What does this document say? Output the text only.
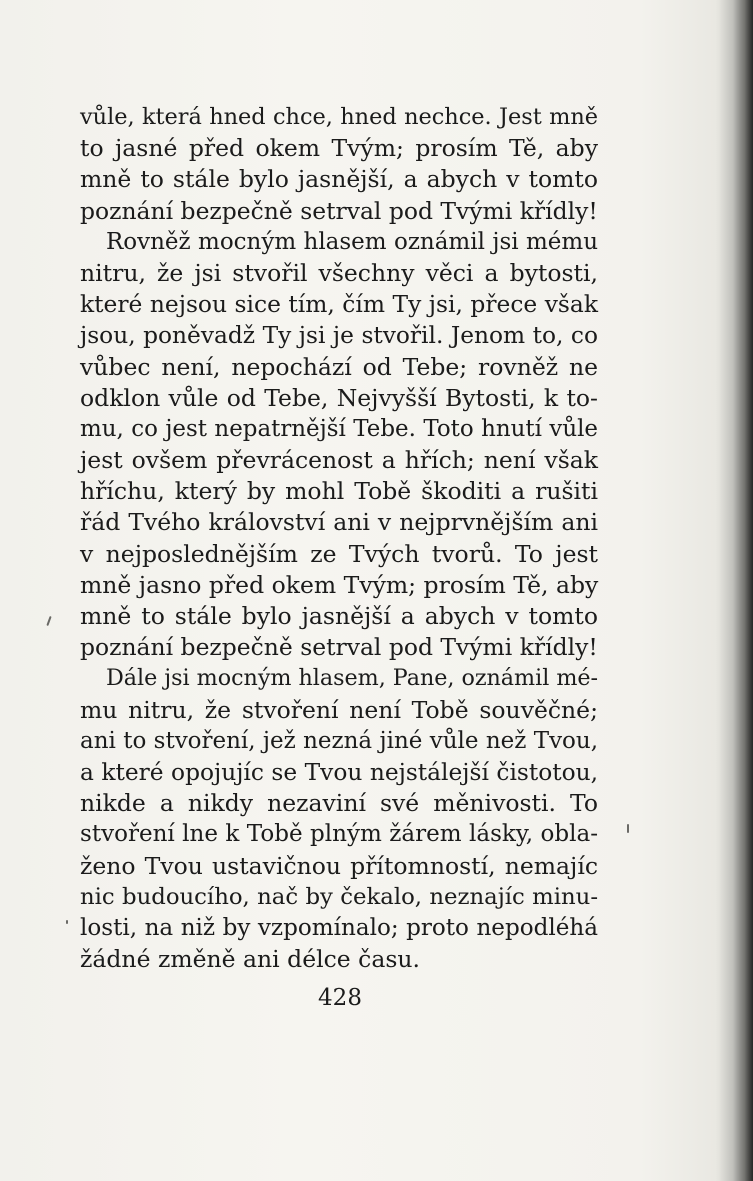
vůle, která hned chce, hned nechce. Jest mně
to jasné před okem Tvým; prosím Tě, aby
mně to stále bylo jasnější, a abych v tomto
poznání bezpečně setrval pod Tvými křídly!
Rovněž mocným hlasem oznámil jsi mému
nitru, že jsi stvořil všechny věci a bytosti,
které nejsou sice tím, čím Ty jsi, přece však
jsou, poněvadž Ty jsi je stvořil. Jenom to, co
vůbec není, nepochází od Tebe; rovněž ne
odklon vůle od Tebe, Nejvyšší Bytosti, k to-
mu, co jest nepatrnější Tebe. Toto hnutí vůle
jest ovšem převrácenost a hřích; není však
hříchu, který by mohl Tobě škoditi a rušiti
řád Tvého království ani v nejprvnějším ani
v nejposlednějším ze Tvých tvorů. To jest
mně jasno před okem Tvým; prosím Tě, aby
mně to stále bylo jasnější a abych v tomto
poznání bezpečně setrval pod Tvými křídly!
Dále jsi mocným hlasem, Pane, oznámil mé-
mu nitru, že stvoření není Tobě souvěčné;
ani to stvoření, jež nezná jiné vůle než Tvou,
a které opojujíc se Tvou nejstálejší čistotou,
nikde a nikdy nezaviní své měnivosti. To
stvoření lne k Tobě plným žárem lásky, obla-
ženo Tvou ustavičnou přítomností, nemajíc
nic budoucího, nač by čekalo, neznajíc minu-
losti, na niž by vzpomínalo; proto nepodléhá
žádné změně ani délce času.
428
